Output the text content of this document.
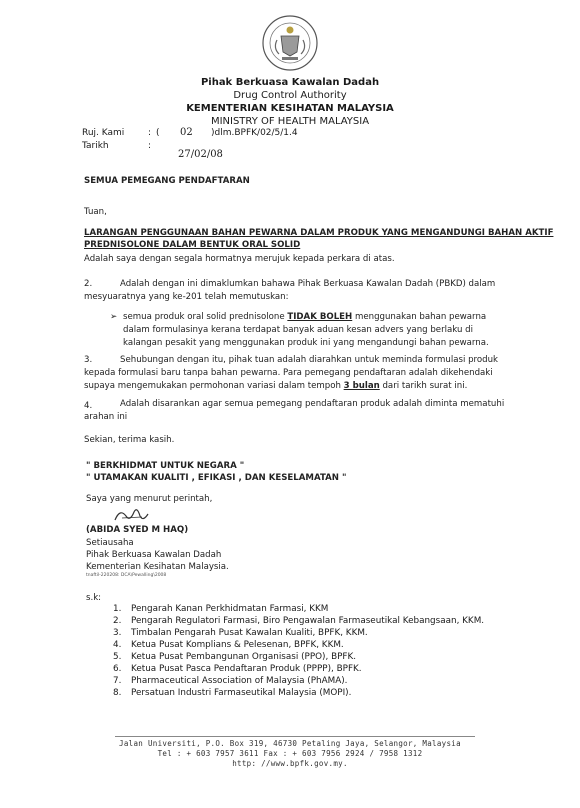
Pihak Berkuasa Kawalan Dadah
Drug Control Authority
KEMENTERIAN KESIHATAN MALAYSIA
MINISTRY OF HEALTH MALAYSIA
Ruj. Kami	: ( 02 )dlm.BPFK/02/5/1.4
Tarikh	:
27/02/08
SEMUA PEMEGANG PENDAFTARAN
Tuan,
LARANGAN PENGGUNAAN BAHAN PEWARNA DALAM PRODUK YANG MENGANDUNGI BAHAN AKTIF
PREDNISOLONE DALAM BENTUK ORAL SOLID
Adalah saya dengan segala hormatnya merujuk kepada perkara di atas.
2.	Adalah dengan ini dimaklumkan bahawa Pihak Berkuasa Kawalan Dadah (PBKD) dalam
mesyuaratnya yang ke-201 telah memutuskan:
➢ semua produk oral solid prednisolone TIDAK BOLEH menggunakan bahan pewarna
dalam formulasinya kerana terdapat banyak aduan kesan advers yang berlaku di
kalangan pesakit yang menggunakan produk ini yang mengandungi bahan pewarna.
3.	Sehubungan dengan itu, pihak tuan adalah diarahkan untuk meminda formulasi produk
kepada formulasi baru tanpa bahan pewarna. Para pemegang pendaftaran adalah dikehendaki
supaya mengemukakan permohonan variasi dalam tempoh 3 bulan dari tarikh surat ini.
4.	Adalah disarankan agar semua pemegang pendaftaran produk adalah diminta mematuhi
arahan ini
Sekian, terima kasih.
" BERKHIDMAT UNTUK NEGARA "
" UTAMAKAN KUALITI , EFIKASI , DAN KESELAMATAN "
Saya yang menurut perintah,
(ABIDA SYED M HAQ)
Setiausaha
Pihak Berkuasa Kawalan Dadah
Kementerian Kesihatan Malaysia.
tnaftil-220208: DCA\Pewalling\2008
s.k:
1.	Pengarah Kanan Perkhidmatan Farmasi, KKM
2.	Pengarah Regulatori Farmasi, Biro Pengawalan Farmaseutikal Kebangsaan, KKM.
3.	Timbalan Pengarah Pusat Kawalan Kualiti, BPFK, KKM.
4.	Ketua Pusat Komplians & Pelesenan, BPFK, KKM.
5.	Ketua Pusat Pembangunan Organisasi (PPO), BPFK.
6.	Ketua Pusat Pasca Pendaftaran Produk (PPPP), BPFK.
7.	Pharmaceutical Association of Malaysia (PhAMA).
8.	Persatuan Industri Farmaseutikal Malaysia (MOPI).
Jalan Universiti, P.O. Box 319, 46730 Petaling Jaya, Selangor, Malaysia
Tel : + 603 7957 3611 Fax : + 603 7956 2924 / 7958 1312
http: //www.bpfk.gov.my.
